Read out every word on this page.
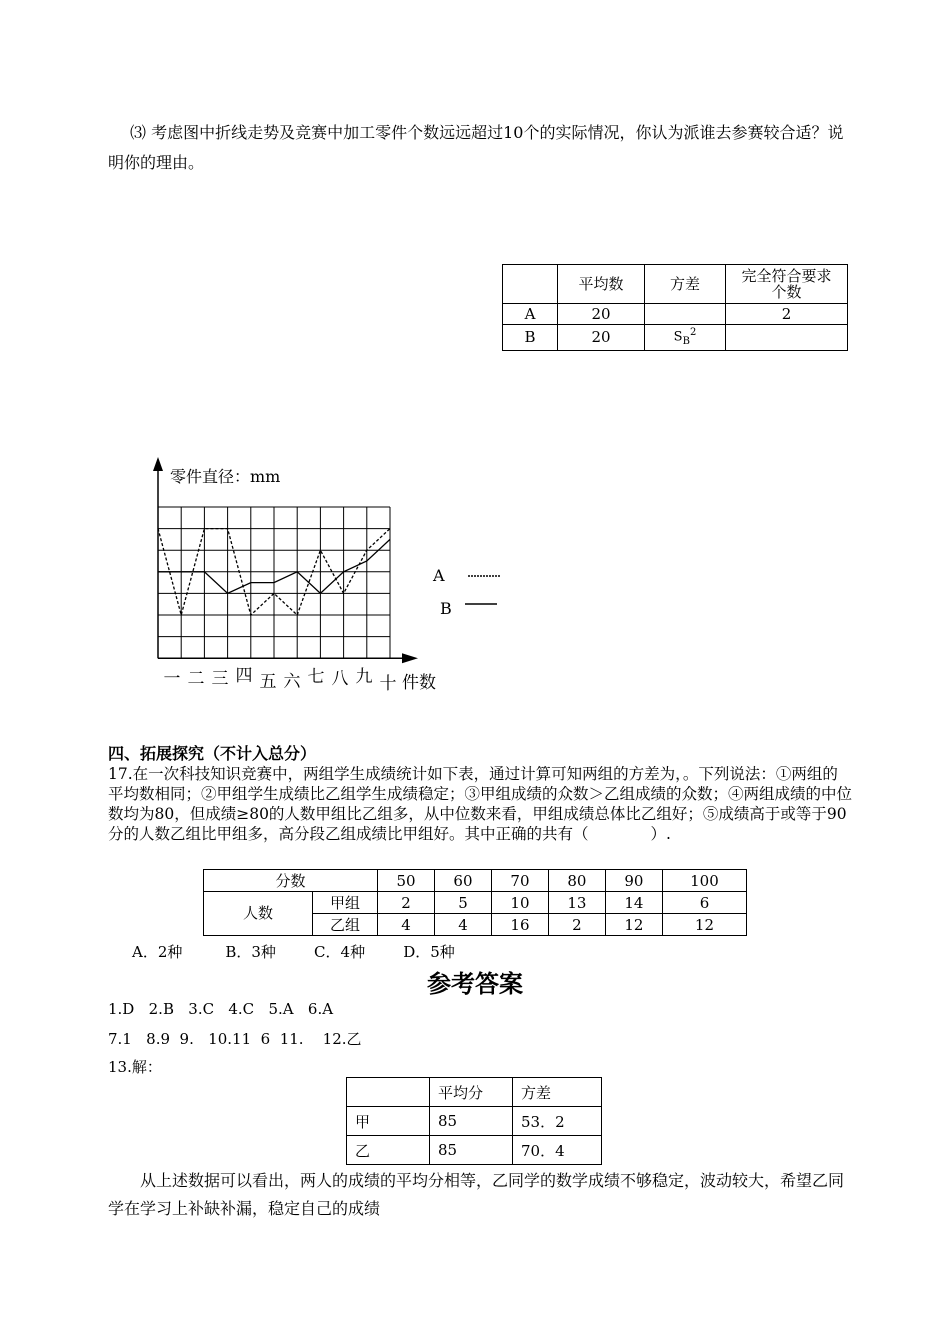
⑶ 考虑图中折线走势及竞赛中加工零件个数远远超过10个的实际情况，你认为派谁去参赛较合适？说明你的理由。
	平均数	方差	完全符合要求个数
A	20		2
B	20	$S_B^2$	
零件直径：mm
一 二 三 四 五 六 七 八 九 十 件数
A
B
四、拓展探究（不计入总分）
17.在一次科技知识竞赛中，两组学生成绩统计如下表，通过计算可知两组的方差为，。下列说法：①两组的平均数相同；②甲组学生成绩比乙组学生成绩稳定；③甲组成绩的众数＞乙组成绩的众数；④两组成绩的中位数均为80，但成绩≥80的人数甲组比乙组多，从中位数来看，甲组成绩总体比乙组好；⑤成绩高于或等于90分的人数乙组比甲组多，高分段乙组成绩比甲组好。其中正确的共有（　　　　）.
分数		50	60	70	80	90	100
人数	甲组	2	5	10	13	14	6
	乙组	4	4	16	2	12	12
A．2种	B．3种	C．4种	D．5种
参考答案
1.D   2.B   3.C   4.C   5.A   6.A
7.1   8.9  9.   10.11  6  11.    12.乙
13.解：
	平均分	方差
甲	85	53．2
乙	85	70．4
从上述数据可以看出，两人的成绩的平均分相等，乙同学的数学成绩不够稳定，波动较大，希望乙同学在学习上补缺补漏，稳定自己的成绩
